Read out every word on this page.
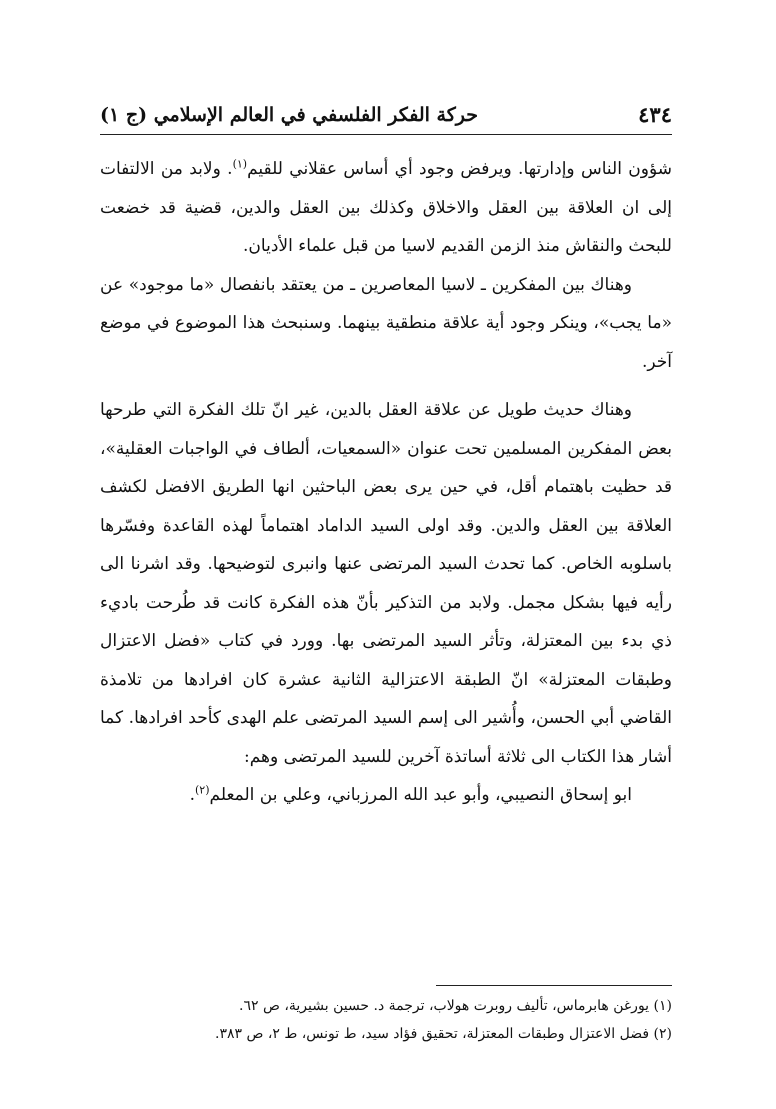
٤٣٤
حركة الفكر الفلسفي في العالم الإسلامي (ج ١)

شؤون الناس وإدارتها. ويرفض وجود أي أساس عقلاني للقيم$^{(١)}$. ولابد من الالتفات إلى ان العلاقة بين العقل والاخلاق وكذلك بين العقل والدين، قضية قد خضعت للبحث والنقاش منذ الزمن القديم لاسيا من قبل علماء الأديان.

وهناك بين المفكرين ـ لاسيا المعاصرين ـ من يعتقد بانفصال «ما موجود» عن «ما يجب»، وينكر وجود أية علاقة منطقية بينهما. وسنبحث هذا الموضوع في موضع آخر.

وهناك حديث طويل عن علاقة العقل بالدين، غير انّ تلك الفكرة التي طرحها بعض المفكرين المسلمين تحت عنوان «السمعيات، ألطاف في الواجبات العقلية»، قد حظيت باهتمام أقل، في حين يرى بعض الباحثين انها الطريق الافضل لكشف العلاقة بين العقل والدين. وقد اولى السيد الداماد اهتماماً لهذه القاعدة وفسّرها باسلوبه الخاص. كما تحدث السيد المرتضى عنها وانبرى لتوضيحها. وقد اشرنا الى رأيه فيها بشكل مجمل. ولابد من التذكير بأنّ هذه الفكرة كانت قد طُرحت باديء ذي بدء بين المعتزلة، وتأثر السيد المرتضى بها. وورد في كتاب «فضل الاعتزال وطبقات المعتزلة» انّ الطبقة الاعتزالية الثانية عشرة كان افرادها من تلامذة القاضي أبي الحسن، وأُشير الى إسم السيد المرتضى علم الهدى كأحد افرادها. كما أشار هذا الكتاب الى ثلاثة أساتذة آخرين للسيد المرتضى وهم:

ابو إسحاق النصيبي، وأبو عبد الله المرزباني، وعلي بن المعلم$^{(٢)}$.

(١) يورغن هابرماس، تأليف روبرت هولاب، ترجمة د. حسين بشيرية، ص ٦٢.
(٢) فضل الاعتزال وطبقات المعتزلة، تحقيق فؤاد سيد، ط تونس، ط ٢، ص ٣٨٣.
